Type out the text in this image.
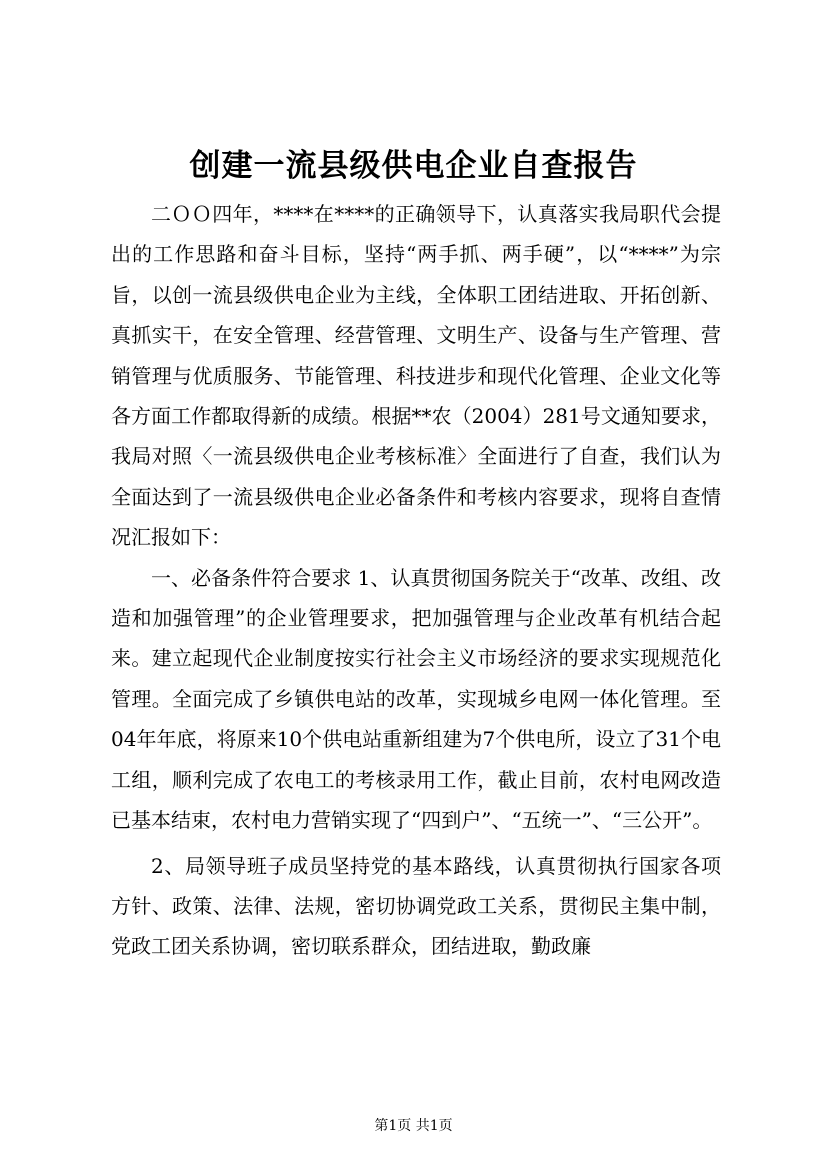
创建一流县级供电企业自查报告

二ＯＯ四年，****在****的正确领导下，认真落实我局职代会提出的工作思路和奋斗目标，坚持“两手抓、两手硬”，以“****”为宗旨，以创一流县级供电企业为主线，全体职工团结进取、开拓创新、真抓实干，在安全管理、经营管理、文明生产、设备与生产管理、营销管理与优质服务、节能管理、科技进步和现代化管理、企业文化等各方面工作都取得新的成绩。根据**农（2004）281号文通知要求，我局对照〈一流县级供电企业考核标准〉全面进行了自查，我们认为全面达到了一流县级供电企业必备条件和考核内容要求，现将自查情况汇报如下：

一、必备条件符合要求 1、认真贯彻国务院关于“改革、改组、改造和加强管理”的企业管理要求，把加强管理与企业改革有机结合起来。建立起现代企业制度按实行社会主义市场经济的要求实现规范化管理。全面完成了乡镇供电站的改革，实现城乡电网一体化管理。至04年年底，将原来10个供电站重新组建为7个供电所，设立了31个电工组，顺利完成了农电工的考核录用工作，截止目前，农村电网改造已基本结束，农村电力营销实现了“四到户”、“五统一”、“三公开”。

2、局领导班子成员坚持党的基本路线，认真贯彻执行国家各项方针、政策、法律、法规，密切协调党政工关系，贯彻民主集中制，党政工团关系协调，密切联系群众，团结进取，勤政廉

第1页 共1页
